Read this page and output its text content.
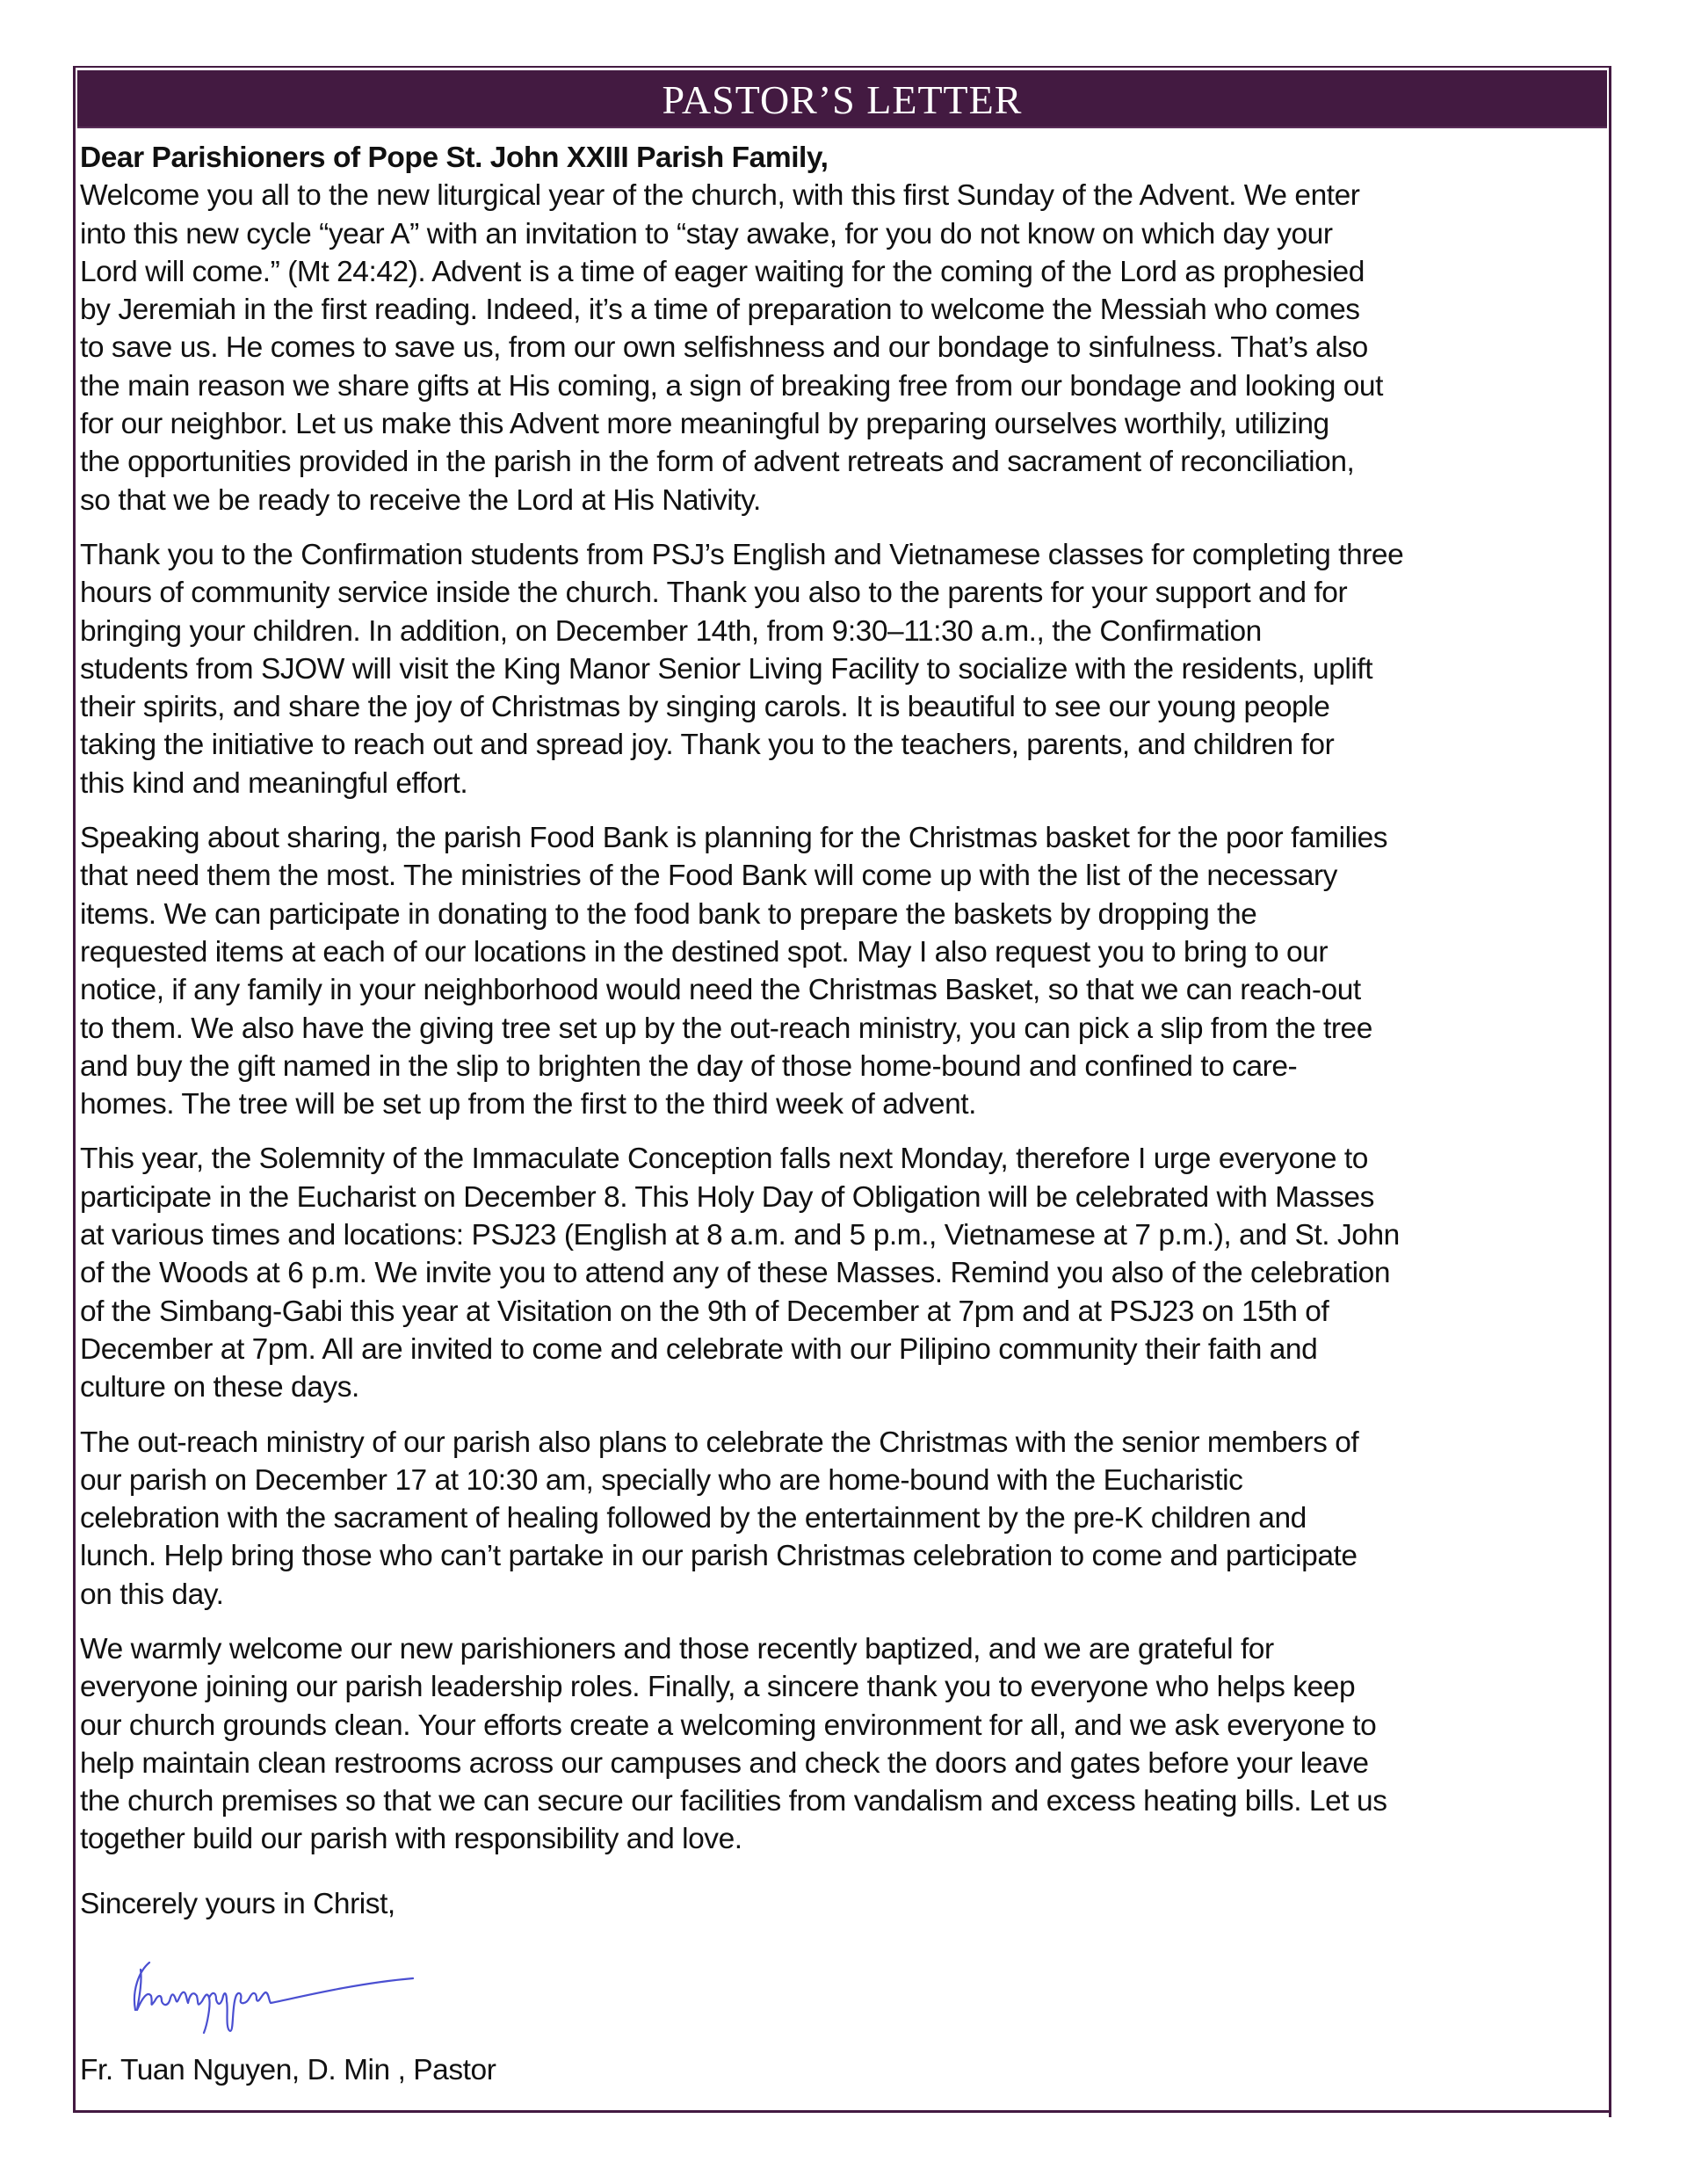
PASTOR’S LETTER
Dear Parishioners of Pope St. John XXIII Parish Family,
Welcome you all to the new liturgical year of the church, with this first Sunday of the Advent. We enter
into this new cycle “year A” with an invitation to “stay awake, for you do not know on which day your
Lord will come.” (Mt 24:42). Advent is a time of eager waiting for the coming of the Lord as prophesied
by Jeremiah in the first reading. Indeed, it’s a time of preparation to welcome the Messiah who comes
to save us. He comes to save us, from our own selfishness and our bondage to sinfulness. That’s also
the main reason we share gifts at His coming, a sign of breaking free from our bondage and looking out
for our neighbor. Let us make this Advent more meaningful by preparing ourselves worthily, utilizing
the opportunities provided in the parish in the form of advent retreats and sacrament of reconciliation,
so that we be ready to receive the Lord at His Nativity.
Thank you to the Confirmation students from PSJ’s English and Vietnamese classes for completing three
hours of community service inside the church. Thank you also to the parents for your support and for
bringing your children. In addition, on December 14th, from 9:30–11:30 a.m., the Confirmation
students from SJOW will visit the King Manor Senior Living Facility to socialize with the residents, uplift
their spirits, and share the joy of Christmas by singing carols. It is beautiful to see our young people
taking the initiative to reach out and spread joy. Thank you to the teachers, parents, and children for
this kind and meaningful effort.
Speaking about sharing, the parish Food Bank is planning for the Christmas basket for the poor families
that need them the most. The ministries of the Food Bank will come up with the list of the necessary
items. We can participate in donating to the food bank to prepare the baskets by dropping the
requested items at each of our locations in the destined spot. May I also request you to bring to our
notice, if any family in your neighborhood would need the Christmas Basket, so that we can reach-out
to them. We also have the giving tree set up by the out-reach ministry, you can pick a slip from the tree
and buy the gift named in the slip to brighten the day of those home-bound and confined to care-
homes. The tree will be set up from the first to the third week of advent.
This year, the Solemnity of the Immaculate Conception falls next Monday, therefore I urge everyone to
participate in the Eucharist on December 8. This Holy Day of Obligation will be celebrated with Masses
at various times and locations: PSJ23 (English at 8 a.m. and 5 p.m., Vietnamese at 7 p.m.), and St. John
of the Woods at 6 p.m. We invite you to attend any of these Masses. Remind you also of the celebration
of the Simbang-Gabi this year at Visitation on the 9th of December at 7pm and at PSJ23 on 15th of
December at 7pm. All are invited to come and celebrate with our Pilipino community their faith and
culture on these days.
The out-reach ministry of our parish also plans to celebrate the Christmas with the senior members of
our parish on December 17 at 10:30 am, specially who are home-bound with the Eucharistic
celebration with the sacrament of healing followed by the entertainment by the pre-K children and
lunch. Help bring those who can’t partake in our parish Christmas celebration to come and participate
on this day.
We warmly welcome our new parishioners and those recently baptized, and we are grateful for
everyone joining our parish leadership roles. Finally, a sincere thank you to everyone who helps keep
our church grounds clean. Your efforts create a welcoming environment for all, and we ask everyone to
help maintain clean restrooms across our campuses and check the doors and gates before your leave
the church premises so that we can secure our facilities from vandalism and excess heating bills. Let us
together build our parish with responsibility and love.
Sincerely yours in Christ,
Fr. Tuan Nguyen, D. Min , Pastor
